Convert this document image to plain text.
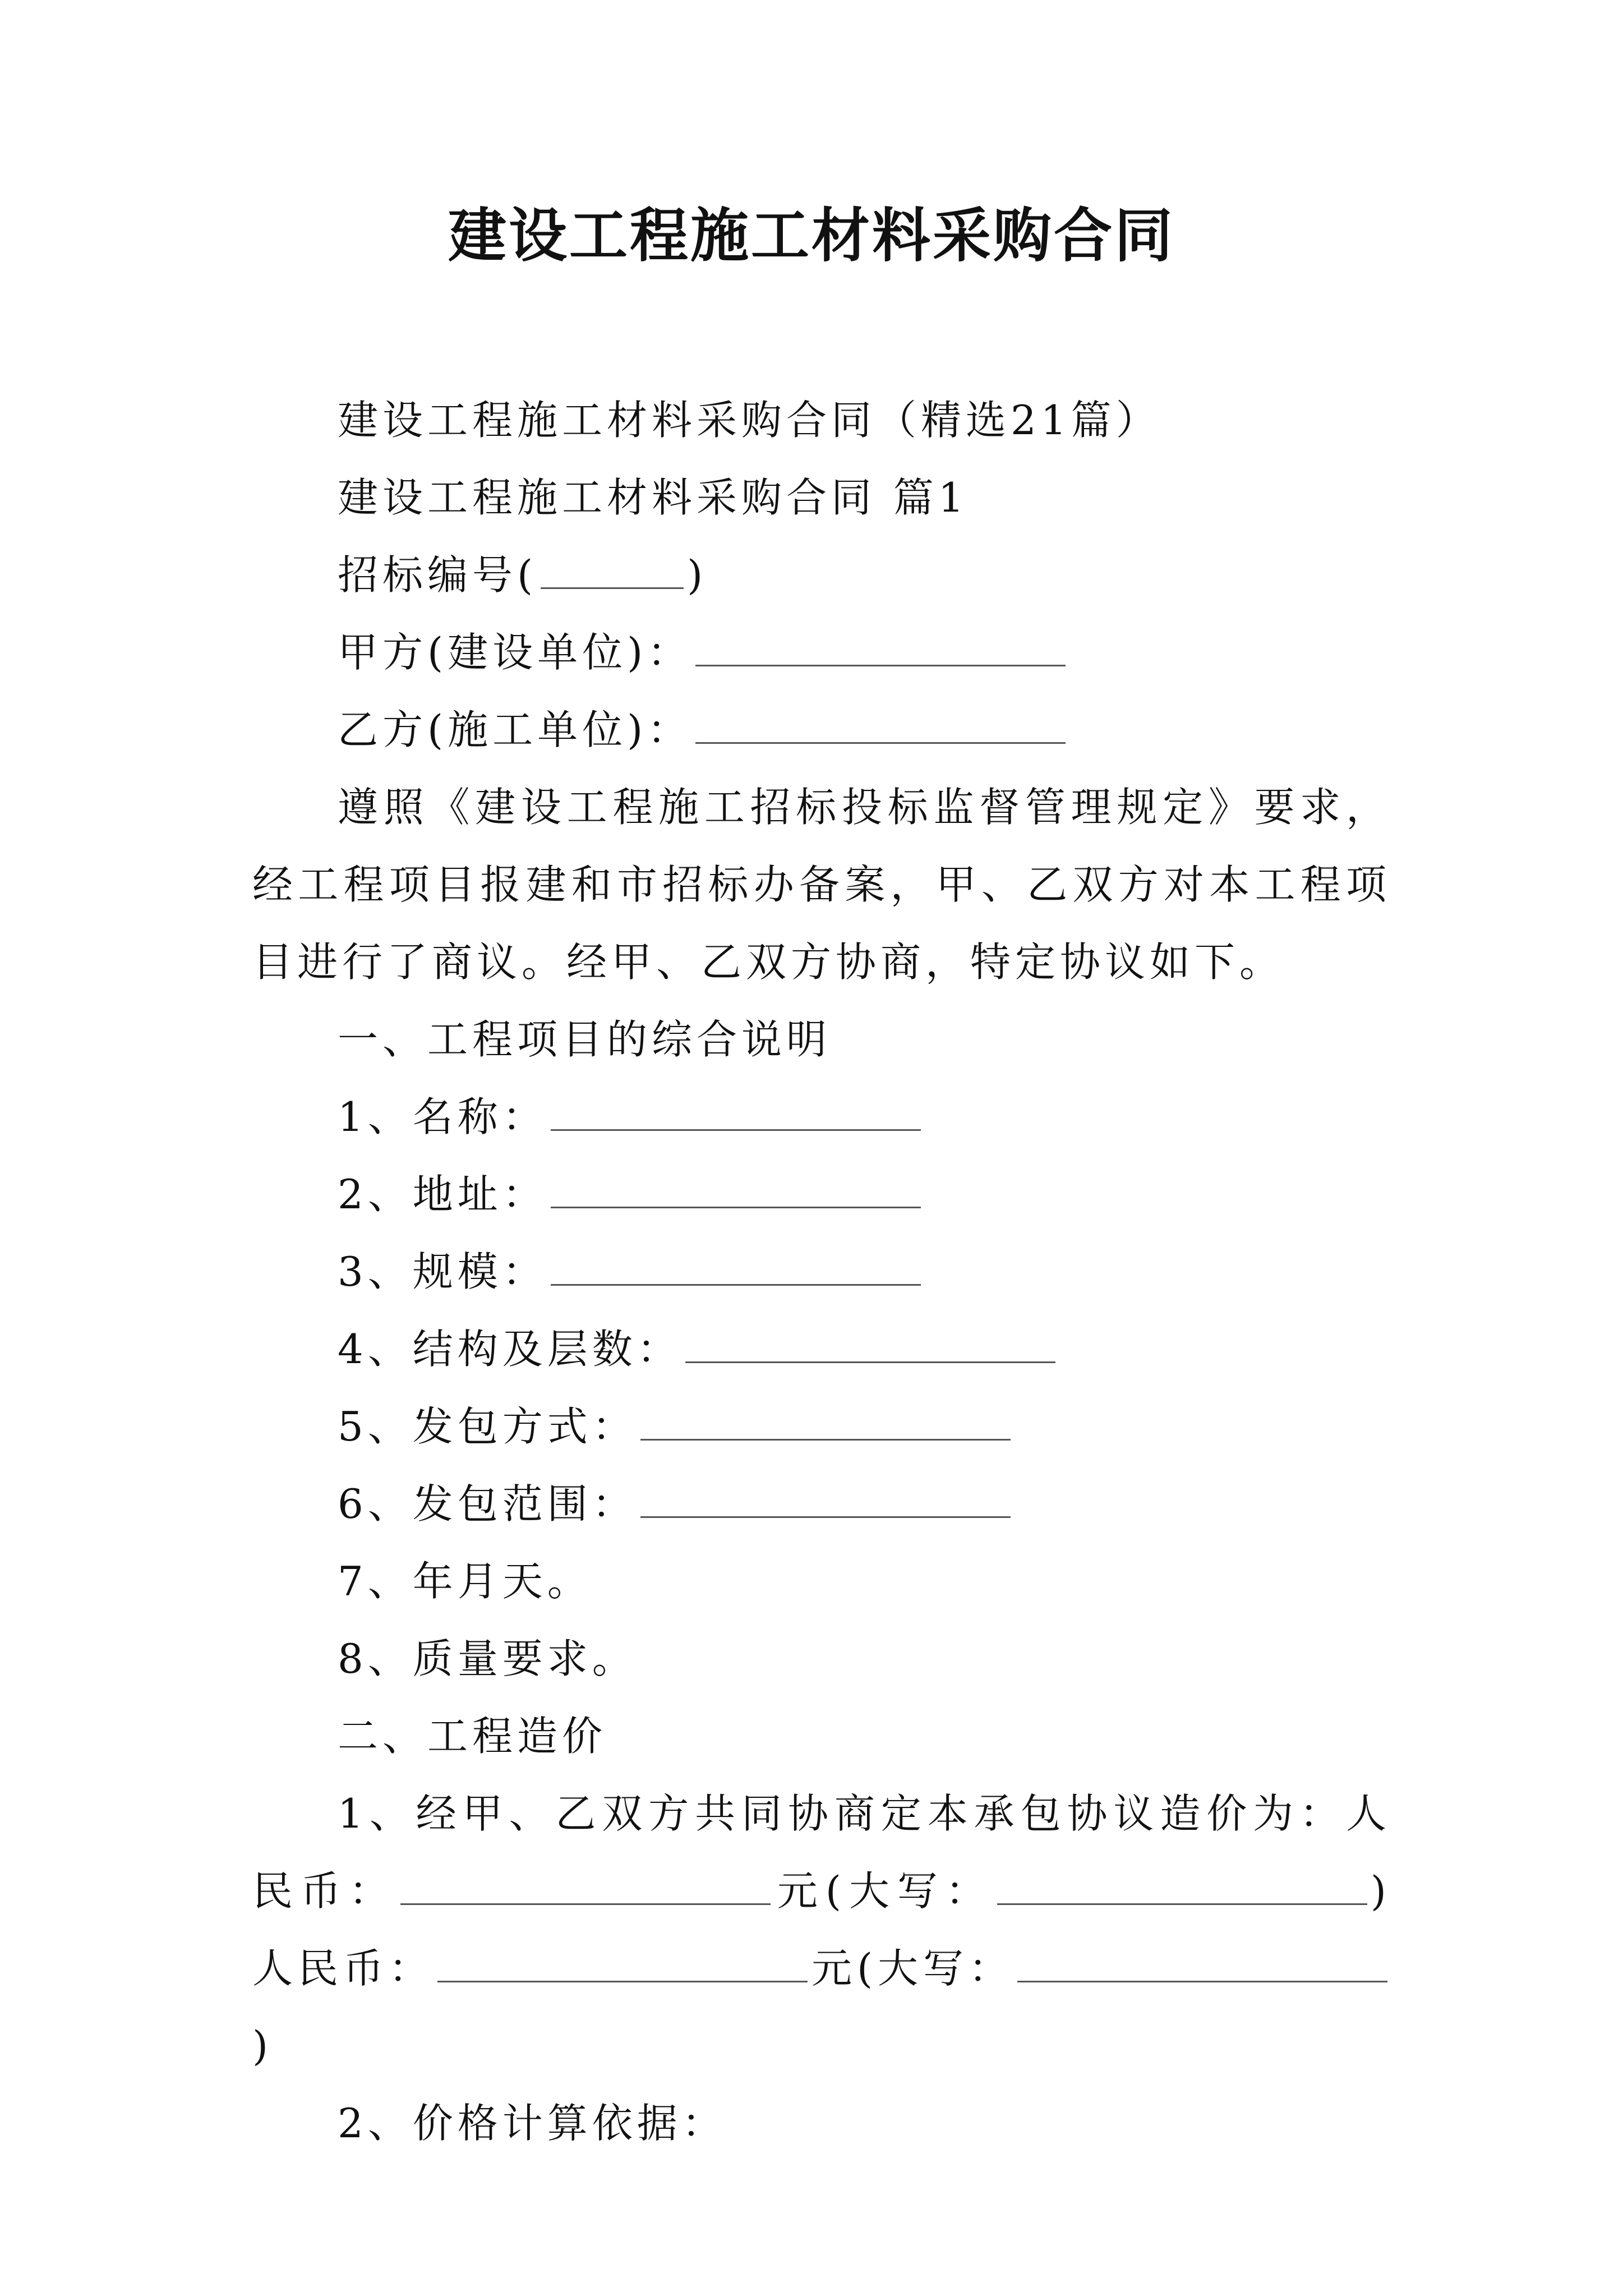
建设工程施工材料采购合同

建设工程施工材料采购合同（精选21篇）

建设工程施工材料采购合同 篇1

招标编号(	)

甲方(建设单位)：

乙方(施工单位)：

遵照《建设工程施工招标投标监督管理规定》要求，经工程项目报建和市招标办备案，甲、乙双方对本工程项目进行了商议。经甲、乙双方协商，特定协议如下。

一、工程项目的综合说明

1、名称：

2、地址：

3、规模：

4、结构及层数：

5、发包方式：

6、发包范围：

7、年月天。

8、质量要求。

二、工程造价

1、经甲、乙双方共同协商定本承包协议造价为：人民币：	元(大写：	)人民币：	元(大写：)

2、价格计算依据：
